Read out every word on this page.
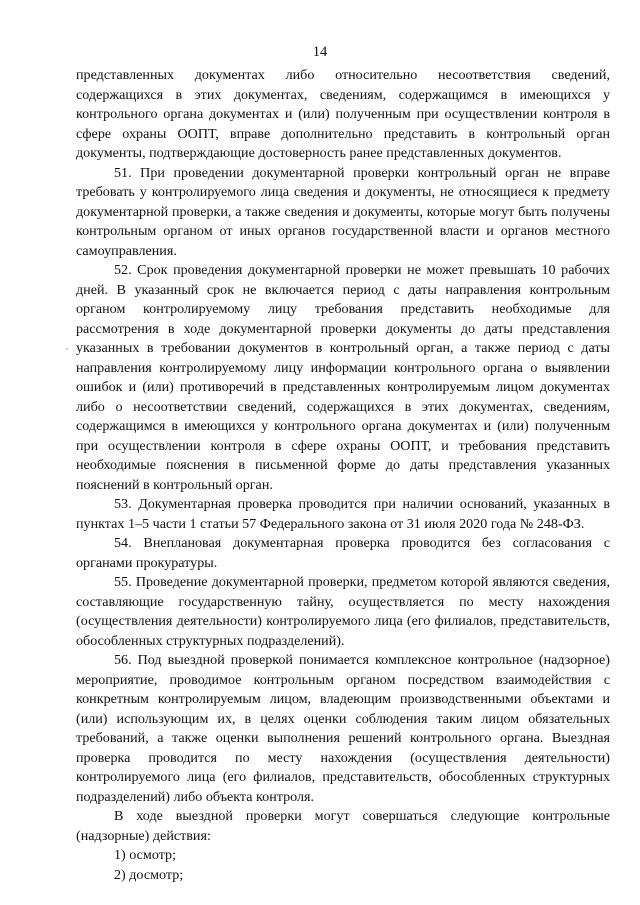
14

представленных документах либо относительно несоответствия сведений, содержащихся в этих документах, сведениям, содержащимся в имеющихся у контрольного органа документах и (или) полученным при осуществлении контроля в сфере охраны ООПТ, вправе дополнительно представить в контрольный орган документы, подтверждающие достоверность ранее представленных документов.

51. При проведении документарной проверки контрольный орган не вправе требовать у контролируемого лица сведения и документы, не относящиеся к предмету документарной проверки, а также сведения и документы, которые могут быть получены контрольным органом от иных органов государственной власти и органов местного самоуправления.

52. Срок проведения документарной проверки не может превышать 10 рабочих дней. В указанный срок не включается период с даты направления контрольным органом контролируемому лицу требования представить необходимые для рассмотрения в ходе документарной проверки документы до даты представления указанных в требовании документов в контрольный орган, а также период с даты направления контролируемому лицу информации контрольного органа о выявлении ошибок и (или) противоречий в представленных контролируемым лицом документах либо о несоответствии сведений, содержащихся в этих документах, сведениям, содержащимся в имеющихся у контрольного органа документах и (или) полученным при осуществлении контроля в сфере охраны ООПТ, и требования представить необходимые пояснения в письменной форме до даты представления указанных пояснений в контрольный орган.

53. Документарная проверка проводится при наличии оснований, указанных в пунктах 1–5 части 1 статьи 57 Федерального закона от 31 июля 2020 года № 248-ФЗ.

54. Внеплановая документарная проверка проводится без согласования с органами прокуратуры.

55. Проведение документарной проверки, предметом которой являются сведения, составляющие государственную тайну, осуществляется по месту нахождения (осуществления деятельности) контролируемого лица (его филиалов, представительств, обособленных структурных подразделений).

56. Под выездной проверкой понимается комплексное контрольное (надзорное) мероприятие, проводимое контрольным органом посредством взаимодействия с конкретным контролируемым лицом, владеющим производственными объектами и (или) использующим их, в целях оценки соблюдения таким лицом обязательных требований, а также оценки выполнения решений контрольного органа. Выездная проверка проводится по месту нахождения (осуществления деятельности) контролируемого лица (его филиалов, представительств, обособленных структурных подразделений) либо объекта контроля.

В ходе выездной проверки могут совершаться следующие контрольные (надзорные) действия:

1) осмотр;

2) досмотр;
